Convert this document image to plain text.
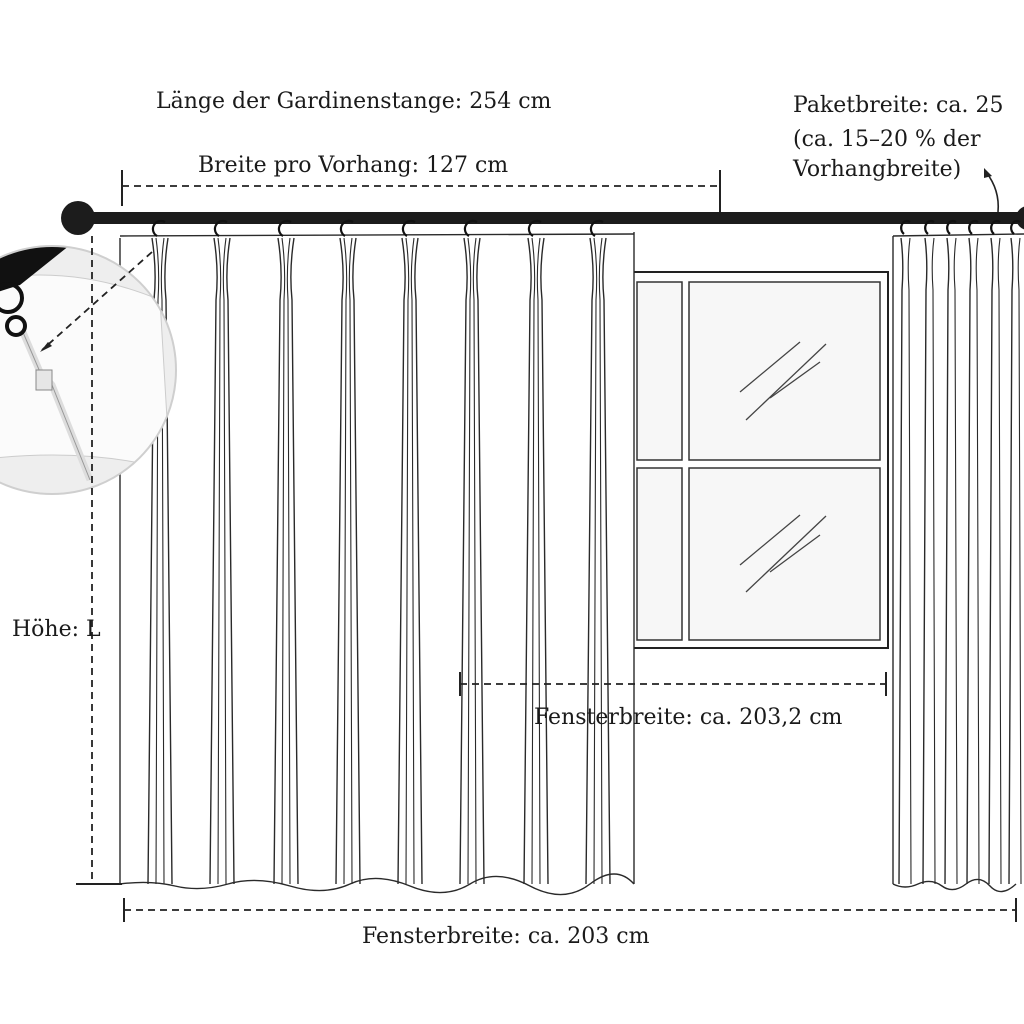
Länge der Gardinenstange: 254 cm
Breite pro Vorhang: 127 cm
Paketbreite: ca. 25
(ca. 15–20 % der
Vorhangbreite)
Höhe: L
Fensterbreite: ca. 203,2 cm
Fensterbreite: ca. 203 cm
